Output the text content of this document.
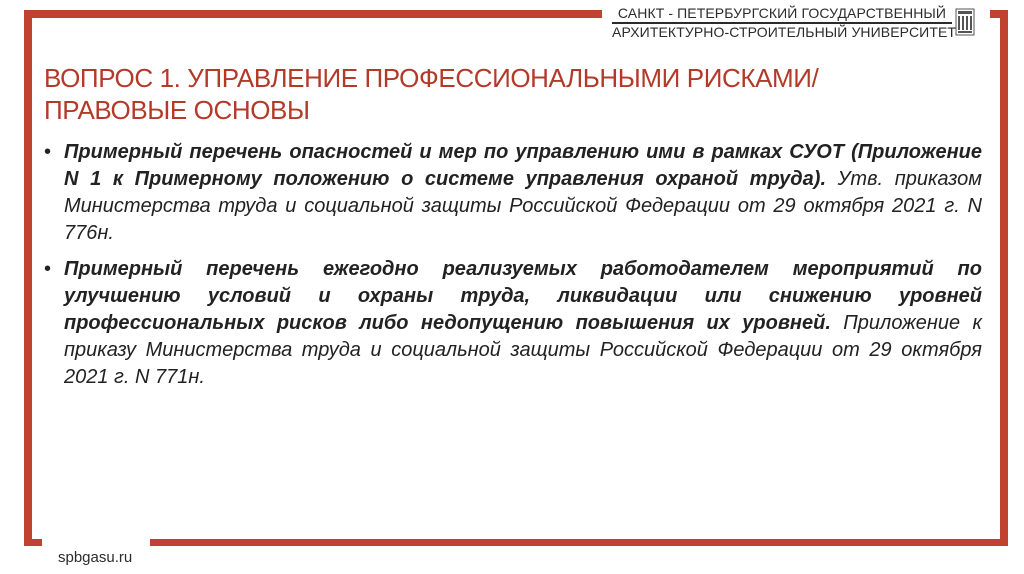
САНКТ - ПЕТЕРБУРГСКИЙ ГОСУДАРСТВЕННЫЙ
АРХИТЕКТУРНО-СТРОИТЕЛЬНЫЙ УНИВЕРСИТЕТ
ВОПРОС 1. УПРАВЛЕНИЕ ПРОФЕССИОНАЛЬНЫМИ РИСКАМИ/ ПРАВОВЫЕ ОСНОВЫ
• Примерный перечень опасностей и мер по управлению ими в рамках СУОТ (Приложение N 1 к Примерному положению о системе управления охраной труда). Утв. приказом Министерства труда и социальной защиты Российской Федерации от 29 октября 2021 г. N 776н.
• Примерный перечень ежегодно реализуемых работодателем мероприятий по улучшению условий и охраны труда, ликвидации или снижению уровней профессиональных рисков либо недопущению повышения их уровней. Приложение к приказу Министерства труда и социальной защиты Российской Федерации от 29 октября 2021 г. N 771н.
spbgasu.ru
